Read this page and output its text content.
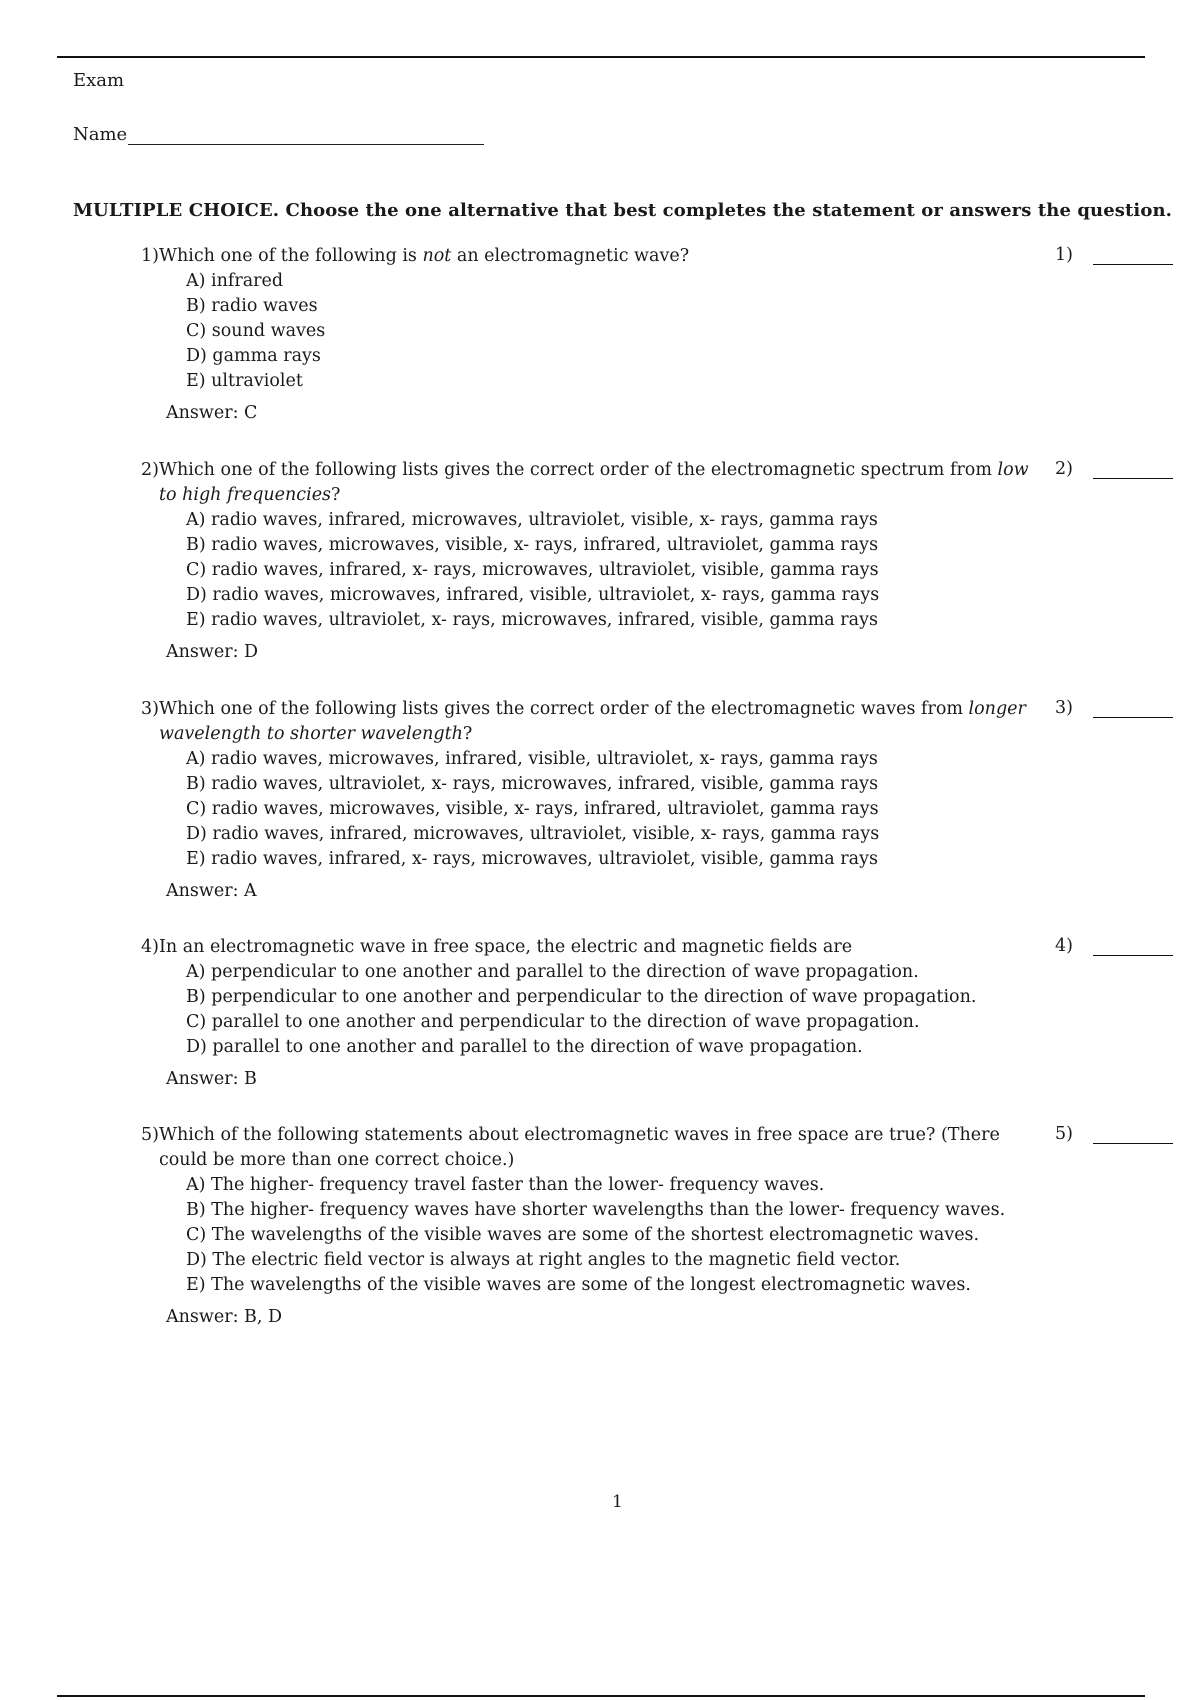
Exam
Name
MULTIPLE CHOICE. Choose the one alternative that best completes the statement or answers the question.
1) Which one of the following is not an electromagnetic wave?
A) infrared
B) radio waves
C) sound waves
D) gamma rays
E) ultraviolet
Answer: C
1)
2) Which one of the following lists gives the correct order of the electromagnetic spectrum from low to high frequencies?
A) radio waves, infrared, microwaves, ultraviolet, visible, x- rays, gamma rays
B) radio waves, microwaves, visible, x- rays, infrared, ultraviolet, gamma rays
C) radio waves, infrared, x- rays, microwaves, ultraviolet, visible, gamma rays
D) radio waves, microwaves, infrared, visible, ultraviolet, x- rays, gamma rays
E) radio waves, ultraviolet, x- rays, microwaves, infrared, visible, gamma rays
Answer: D
2)
3) Which one of the following lists gives the correct order of the electromagnetic waves from longer wavelength to shorter wavelength?
A) radio waves, microwaves, infrared, visible, ultraviolet, x- rays, gamma rays
B) radio waves, ultraviolet, x- rays, microwaves, infrared, visible, gamma rays
C) radio waves, microwaves, visible, x- rays, infrared, ultraviolet, gamma rays
D) radio waves, infrared, microwaves, ultraviolet, visible, x- rays, gamma rays
E) radio waves, infrared, x- rays, microwaves, ultraviolet, visible, gamma rays
Answer: A
3)
4) In an electromagnetic wave in free space, the electric and magnetic fields are
A) perpendicular to one another and parallel to the direction of wave propagation.
B) perpendicular to one another and perpendicular to the direction of wave propagation.
C) parallel to one another and perpendicular to the direction of wave propagation.
D) parallel to one another and parallel to the direction of wave propagation.
Answer: B
4)
5) Which of the following statements about electromagnetic waves in free space are true? (There could be more than one correct choice.)
A) The higher- frequency travel faster than the lower- frequency waves.
B) The higher- frequency waves have shorter wavelengths than the lower- frequency waves.
C) The wavelengths of the visible waves are some of the shortest electromagnetic waves.
D) The electric field vector is always at right angles to the magnetic field vector.
E) The wavelengths of the visible waves are some of the longest electromagnetic waves.
Answer: B, D
5)
1
